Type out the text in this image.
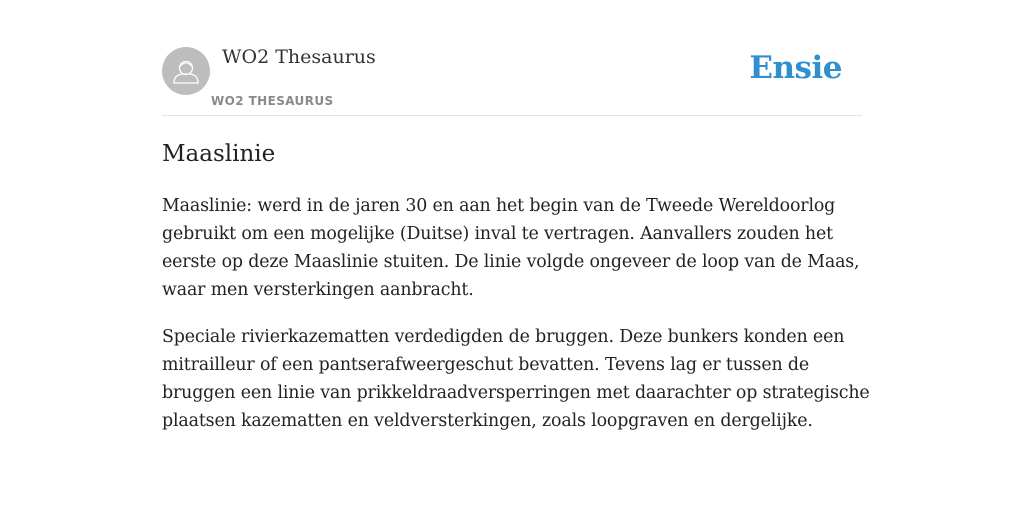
WO2 Thesaurus
WO2 THESAURUS
Ensie
Maaslinie

Maaslinie: werd in de jaren 30 en aan het begin van de Tweede Wereldoorlog
gebruikt om een mogelijke (Duitse) inval te vertragen. Aanvallers zouden het
eerste op deze Maaslinie stuiten. De linie volgde ongeveer de loop van de Maas,
waar men versterkingen aanbracht.

Speciale rivierkazematten verdedigden de bruggen. Deze bunkers konden een
mitrailleur of een pantserafweergeschut bevatten. Tevens lag er tussen de
bruggen een linie van prikkeldraadversperringen met daarachter op strategische
plaatsen kazematten en veldversterkingen, zoals loopgraven en dergelijke.
